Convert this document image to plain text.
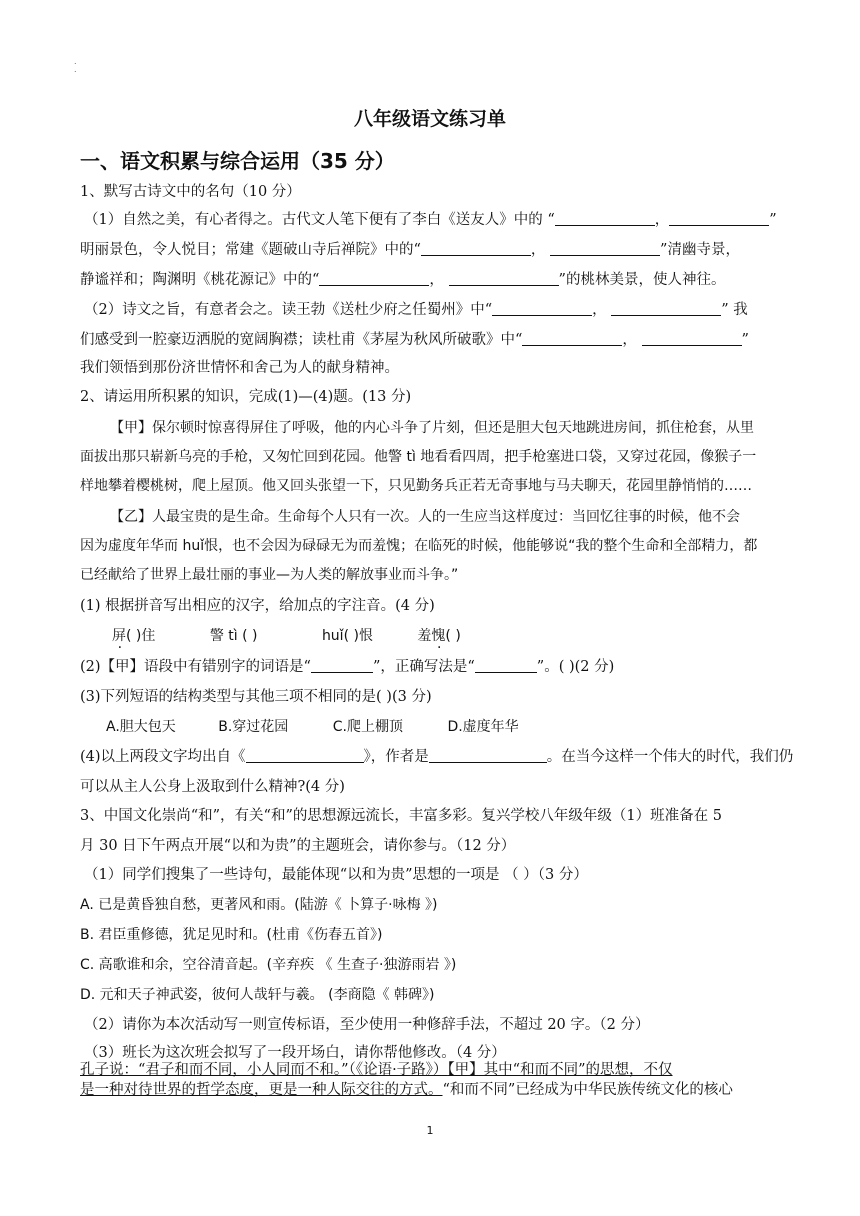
.
.
八年级语文练习单
一、语文积累与综合运用（35 分）
1、默写古诗文中的名句（10 分）
（1）自然之美，有心者得之。古代文人笔下便有了李白《送友人》中的 “	，	”
明丽景色，令人悦目；常建《题破山寺后禅院》中的“	，	”清幽寺景，
静谧祥和；陶渊明《桃花源记》中的“	，	”的桃林美景，使人神往。
（2）诗文之旨，有意者会之。读王勃《送杜少府之任蜀州》中“	，	” 我
们感受到一腔豪迈洒脱的宽阔胸襟；读杜甫《茅屋为秋风所破歌》中“	，	”
我们领悟到那份济世情怀和舍己为人的献身精神。
2、请运用所积累的知识，完成(1)—(4)题。(13 分)
【甲】保尔顿时惊喜得屏住了呼吸，他的内心斗争了片刻，但还是胆大包天地跳进房间，抓住枪套，从里
面拔出那只崭新乌亮的手枪，又匆忙回到花园。他警 tì 地看看四周，把手枪塞进口袋，又穿过花园，像猴子一
样地攀着樱桃树，爬上屋顶。他又回头张望一下，只见勤务兵正若无奇事地与马夫聊天，花园里静悄悄的……
【乙】人最宝贵的是生命。生命每个人只有一次。人的一生应当这样度过：当回忆往事的时候，他不会
因为虚度年华而 huǐ恨，也不会因为碌碌无为而羞愧；在临死的时候，他能够说“我的整个生命和全部精力，都
已经献给了世界上最壮丽的事业—为人类的解放事业而斗争。”
(1) 根据拼音写出相应的汉字，给加点的字注音。(4 分)
屏( )住	警 tì ( )	huǐ( )恨	羞愧( )
(2)【甲】语段中有错别字的词语是“	”，正确写法是“	”。( )(2 分)
(3)下列短语的结构类型与其他三项不相同的是( )(3 分)
A.胆大包天	B.穿过花园	C.爬上棚顶	D.虚度年华
(4)以上两段文字均出自《	》，作者是	。在当今这样一个伟大的时代，我们仍
可以从主人公身上汲取到什么精神?(4 分)
3、中国文化崇尚“和”，有关“和”的思想源远流长，丰富多彩。复兴学校八年级年级（1）班准备在 5
月 30 日下午两点开展“以和为贵”的主题班会，请你参与。（12 分）
（1）同学们搜集了一些诗句，最能体现“以和为贵”思想的一项是 （ ）（3 分）
A. 已是黄昏独自愁，更著风和雨。(陆游《 卜算子·咏梅 》)
B. 君臣重修德，犹足见时和。(杜甫《伤春五首》)
C. 高歌谁和余，空谷清音起。(辛弃疾 《 生查子·独游雨岩 》)
D. 元和天子神武姿，彼何人哉轩与羲。 (李商隐《 韩碑》)
（2）请你为本次活动写一则宣传标语，至少使用一种修辞手法，不超过 20 字。（2 分）
（3）班长为这次班会拟写了一段开场白，请你帮他修改。（4 分）
孔子说：“君子和而不同，小人同而不和。”（《论语·子路》）【甲】其中“和而不同”的思想，不仅
是一种对待世界的哲学态度，更是一种人际交往的方式。“和而不同”已经成为中华民族传统文化的核心
1
